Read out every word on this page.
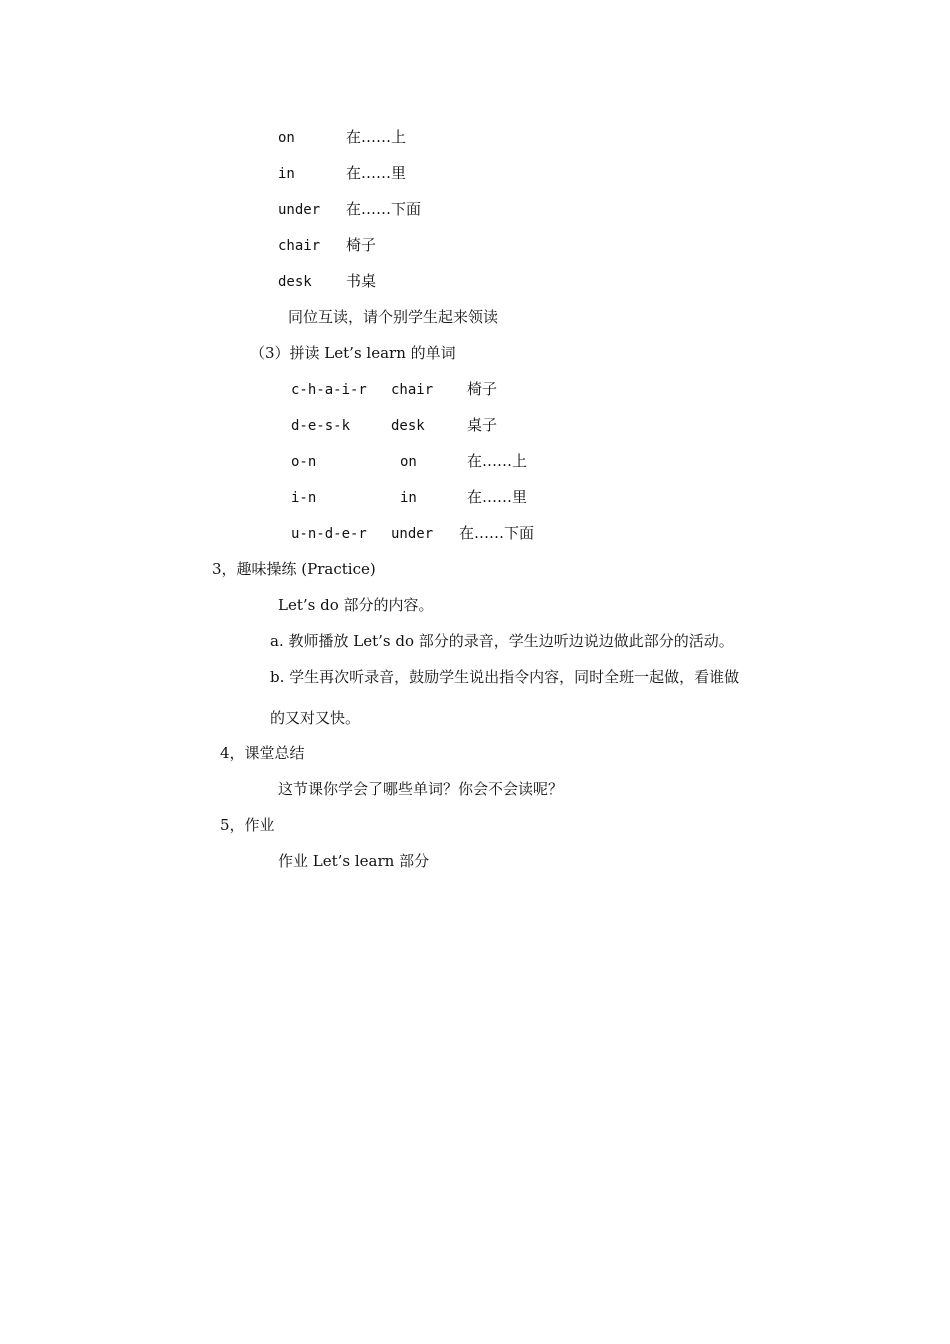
on	在……上
in	在……里
under 在……下面
chair 椅子
desk 书桌
同位互读，请个别学生起来领读
（3）拼读 Let’s learn 的单词
c-h-a-i-r chair 椅子
d-e-s-k	desk	桌子
o-n	on	在……上
i-n	in	在……里
u-n-d-e-r under 在……下面
3，趣味操练 (Practice)
Let’s do 部分的内容。
a. 教师播放 Let’s do 部分的录音，学生边听边说边做此部分的活动。
b. 学生再次听录音，鼓励学生说出指令内容，同时全班一起做，看谁做
的又对又快。
4，课堂总结
这节课你学会了哪些单词？你会不会读呢？
5，作业
作业 Let’s learn 部分
